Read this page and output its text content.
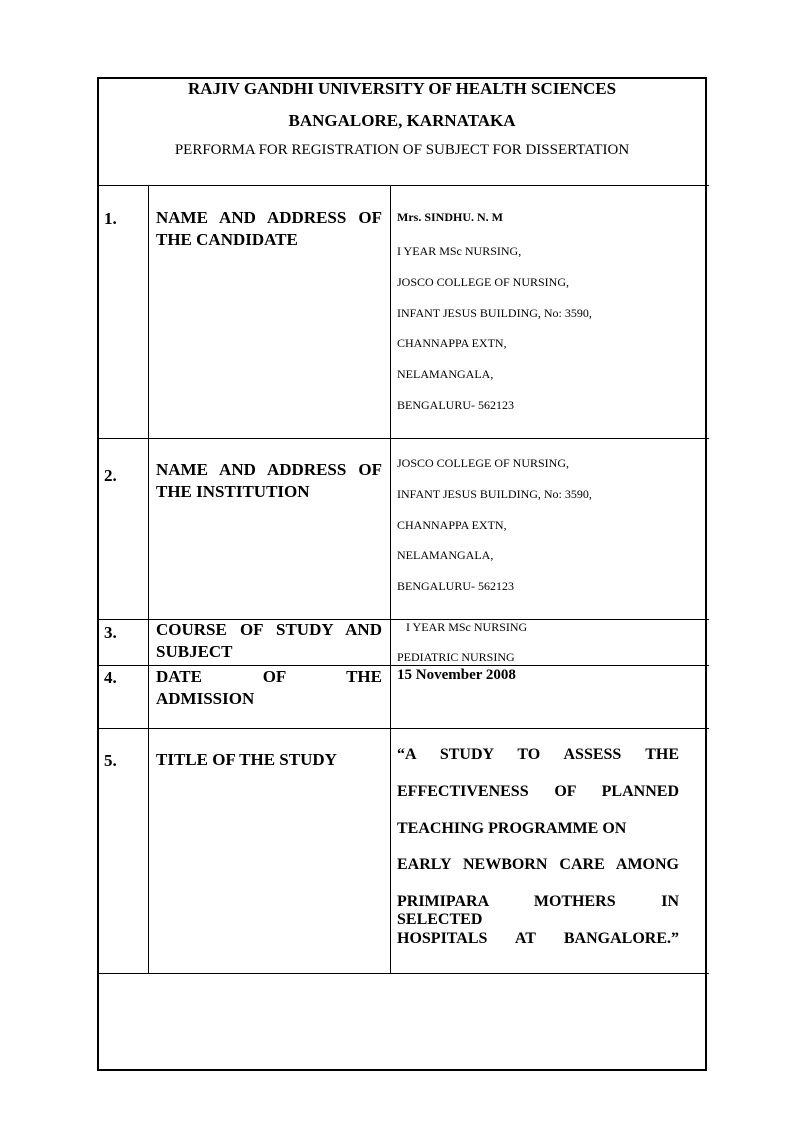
RAJIV GANDHI UNIVERSITY OF HEALTH SCIENCES
BANGALORE, KARNATAKA
PERFORMA FOR REGISTRATION OF SUBJECT FOR DISSERTATION
1. NAME AND ADDRESS OF
THE CANDIDATE
Mrs. SINDHU. N. M
I YEAR MSc NURSING,
JOSCO COLLEGE OF NURSING,
INFANT JESUS BUILDING, No: 3590,
CHANNAPPA EXTN,
NELAMANGALA,
BENGALURU- 562123
2. NAME AND ADDRESS OF
THE INSTITUTION
JOSCO COLLEGE OF NURSING,
INFANT JESUS BUILDING, No: 3590,
CHANNAPPA EXTN,
NELAMANGALA,
BENGALURU- 562123
3. COURSE OF STUDY AND
SUBJECT
I YEAR MSc NURSING
PEDIATRIC NURSING
4. DATE OF THE
ADMISSION
15 November 2008
5. TITLE OF THE STUDY	“A STUDY TO ASSESS THE
EFFECTIVENESS OF PLANNED
TEACHING PROGRAMME ON
EARLY NEWBORN CARE AMONG
PRIMIPARA MOTHERS IN SELECTED
HOSPITALS AT BANGALORE.”
